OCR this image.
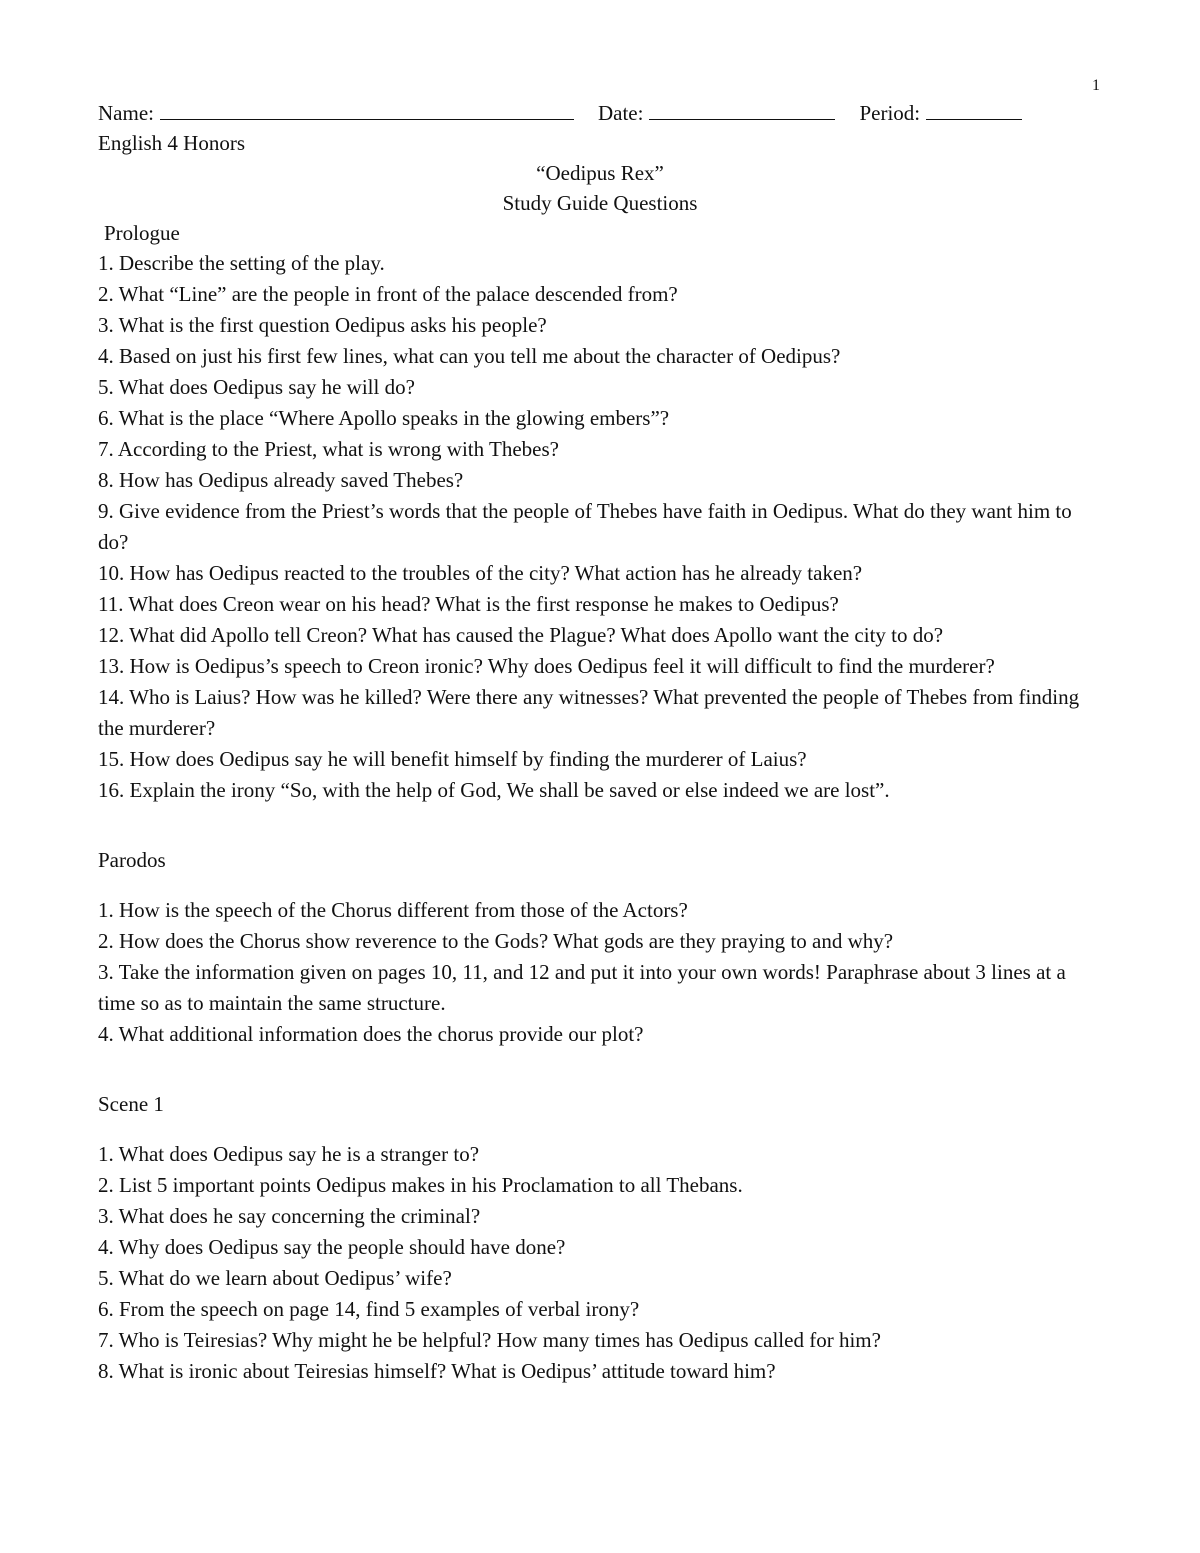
1
Name:	Date:	Period:
English 4 Honors
“Oedipus Rex”
Study Guide Questions
Prologue
1. Describe the setting of the play.
2. What “Line” are the people in front of the palace descended from?
3. What is the first question Oedipus asks his people?
4. Based on just his first few lines, what can you tell me about the character of Oedipus?
5. What does Oedipus say he will do?
6. What is the place “Where Apollo speaks in the glowing embers”?
7. According to the Priest, what is wrong with Thebes?
8. How has Oedipus already saved Thebes?
9. Give evidence from the Priest’s words that the people of Thebes have faith in Oedipus. What do they want him to do?
10. How has Oedipus reacted to the troubles of the city? What action has he already taken?
11. What does Creon wear on his head? What is the first response he makes to Oedipus?
12. What did Apollo tell Creon? What has caused the Plague? What does Apollo want the city to do?
13. How is Oedipus’s speech to Creon ironic? Why does Oedipus feel it will difficult to find the murderer?
14. Who is Laius? How was he killed? Were there any witnesses? What prevented the people of Thebes from finding the murderer?
15. How does Oedipus say he will benefit himself by finding the murderer of Laius?
16. Explain the irony “So, with the help of God, We shall be saved or else indeed we are lost”.
Parodos
1. How is the speech of the Chorus different from those of the Actors?
2. How does the Chorus show reverence to the Gods? What gods are they praying to and why?
3. Take the information given on pages 10, 11, and 12 and put it into your own words! Paraphrase about 3 lines at a time so as to maintain the same structure.
4. What additional information does the chorus provide our plot?
Scene 1
1. What does Oedipus say he is a stranger to?
2. List 5 important points Oedipus makes in his Proclamation to all Thebans.
3. What does he say concerning the criminal?
4. Why does Oedipus say the people should have done?
5. What do we learn about Oedipus’ wife?
6. From the speech on page 14, find 5 examples of verbal irony?
7. Who is Teiresias? Why might he be helpful? How many times has Oedipus called for him?
8. What is ironic about Teiresias himself? What is Oedipus’ attitude toward him?
